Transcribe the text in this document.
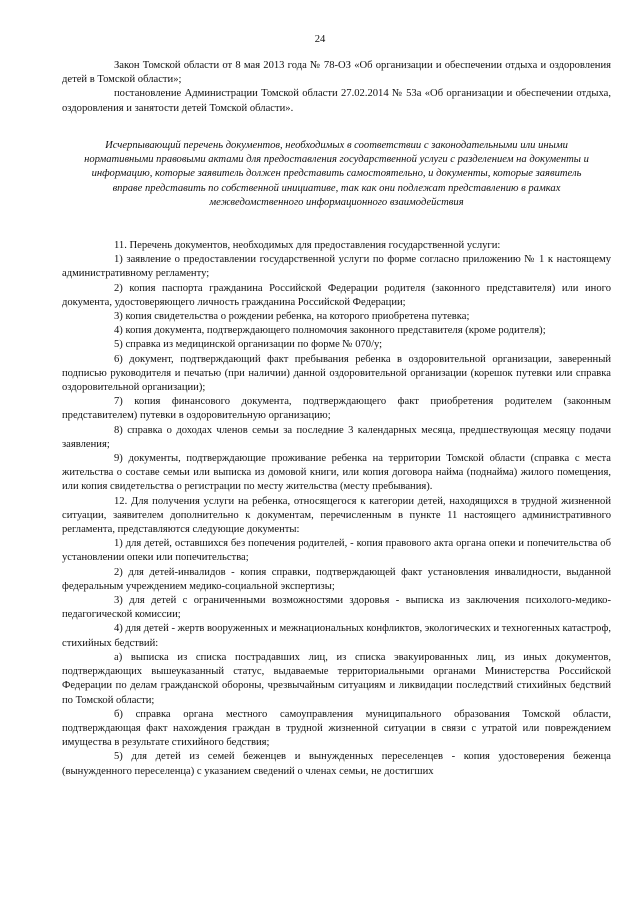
24

Закон Томской области от 8 мая 2013 года № 78-ОЗ «Об организации и обеспечении отдыха и оздоровления детей в Томской области»;

постановление Администрации Томской области 27.02.2014 № 53а «Об организации и обеспечении отдыха, оздоровления и занятости детей Томской области».

Исчерпывающий перечень документов, необходимых в соответствии с законодательными или иными нормативными правовыми актами для предоставления государственной услуги с разделением на документы и информацию, которые заявитель должен представить самостоятельно, и документы, которые заявитель вправе представить по собственной инициативе, так как они подлежат представлению в рамках межведомственного информационного взаимодействия

11. Перечень документов, необходимых для предоставления государственной услуги:

1) заявление о предоставлении государственной услуги по форме согласно приложению № 1 к настоящему административному регламенту;

2) копия паспорта гражданина Российской Федерации родителя (законного представителя) или иного документа, удостоверяющего личность гражданина Российской Федерации;

3) копия свидетельства о рождении ребенка, на которого приобретена путевка;

4) копия документа, подтверждающего полномочия законного представителя (кроме родителя);

5) справка из медицинской организации по форме № 070/у;

6) документ, подтверждающий факт пребывания ребенка в оздоровительной организации, заверенный подписью руководителя и печатью (при наличии) данной оздоровительной организации (корешок путевки или справка оздоровительной организации);

7) копия финансового документа, подтверждающего факт приобретения родителем (законным представителем) путевки в оздоровительную организацию;

8) справка о доходах членов семьи за последние 3 календарных месяца, предшествующая месяцу подачи заявления;

9) документы, подтверждающие проживание ребенка на территории Томской области (справка с места жительства о составе семьи или выписка из домовой книги, или копия договора найма (поднайма) жилого помещения, или копия свидетельства о регистрации по месту жительства (месту пребывания).

12. Для получения услуги на ребенка, относящегося к категории детей, находящихся в трудной жизненной ситуации, заявителем дополнительно к документам, перечисленным в пункте 11 настоящего административного регламента, представляются следующие документы:

1) для детей, оставшихся без попечения родителей, - копия правового акта органа опеки и попечительства об установлении опеки или попечительства;

2) для детей-инвалидов - копия справки, подтверждающей факт установления инвалидности, выданной федеральным учреждением медико-социальной экспертизы;

3) для детей с ограниченными возможностями здоровья - выписка из заключения психолого-медико-педагогической комиссии;

4) для детей - жертв вооруженных и межнациональных конфликтов, экологических и техногенных катастроф, стихийных бедствий:

а) выписка из списка пострадавших лиц, из списка эвакуированных лиц, из иных документов, подтверждающих вышеуказанный статус, выдаваемые территориальными органами Министерства Российской Федерации по делам гражданской обороны, чрезвычайным ситуациям и ликвидации последствий стихийных бедствий по Томской области;

б) справка органа местного самоуправления муниципального образования Томской области, подтверждающая факт нахождения граждан в трудной жизненной ситуации в связи с утратой или повреждением имущества в результате стихийного бедствия;

5) для детей из семей беженцев и вынужденных переселенцев - копия удостоверения беженца (вынужденного переселенца) с указанием сведений о членах семьи, не достигших
